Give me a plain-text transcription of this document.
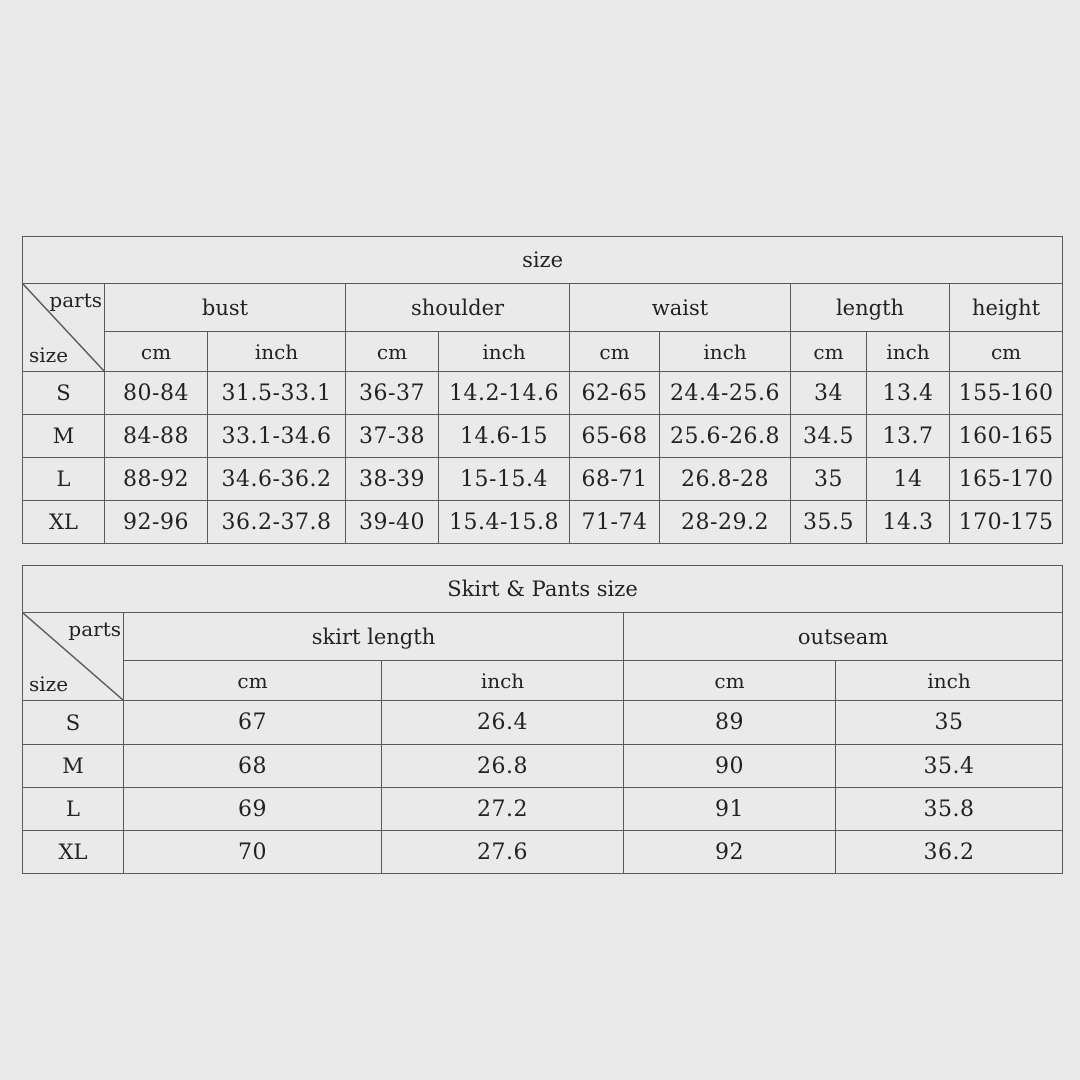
size									

parts
size	bust		shoulder		waist		length		height
	cm	inch	cm	inch	cm	inch	cm	inch	cm
S	80-84	31.5-33.1	36-37	14.2-14.6	62-65	24.4-25.6	34	13.4	155-160
M	84-88	33.1-34.6	37-38	14.6-15	65-68	25.6-26.8	34.5	13.7	160-165
L	88-92	34.6-36.2	38-39	15-15.4	68-71	26.8-28	35	14	165-170
XL	92-96	36.2-37.8	39-40	15.4-15.8	71-74	28-29.2	35.5	14.3	170-175
Skirt & Pants size				

parts
size	skirt length		outseam	
	cm	inch	cm	inch
S	67	26.4	89	35
M	68	26.8	90	35.4
L	69	27.2	91	35.8
XL	70	27.6	92	36.2
